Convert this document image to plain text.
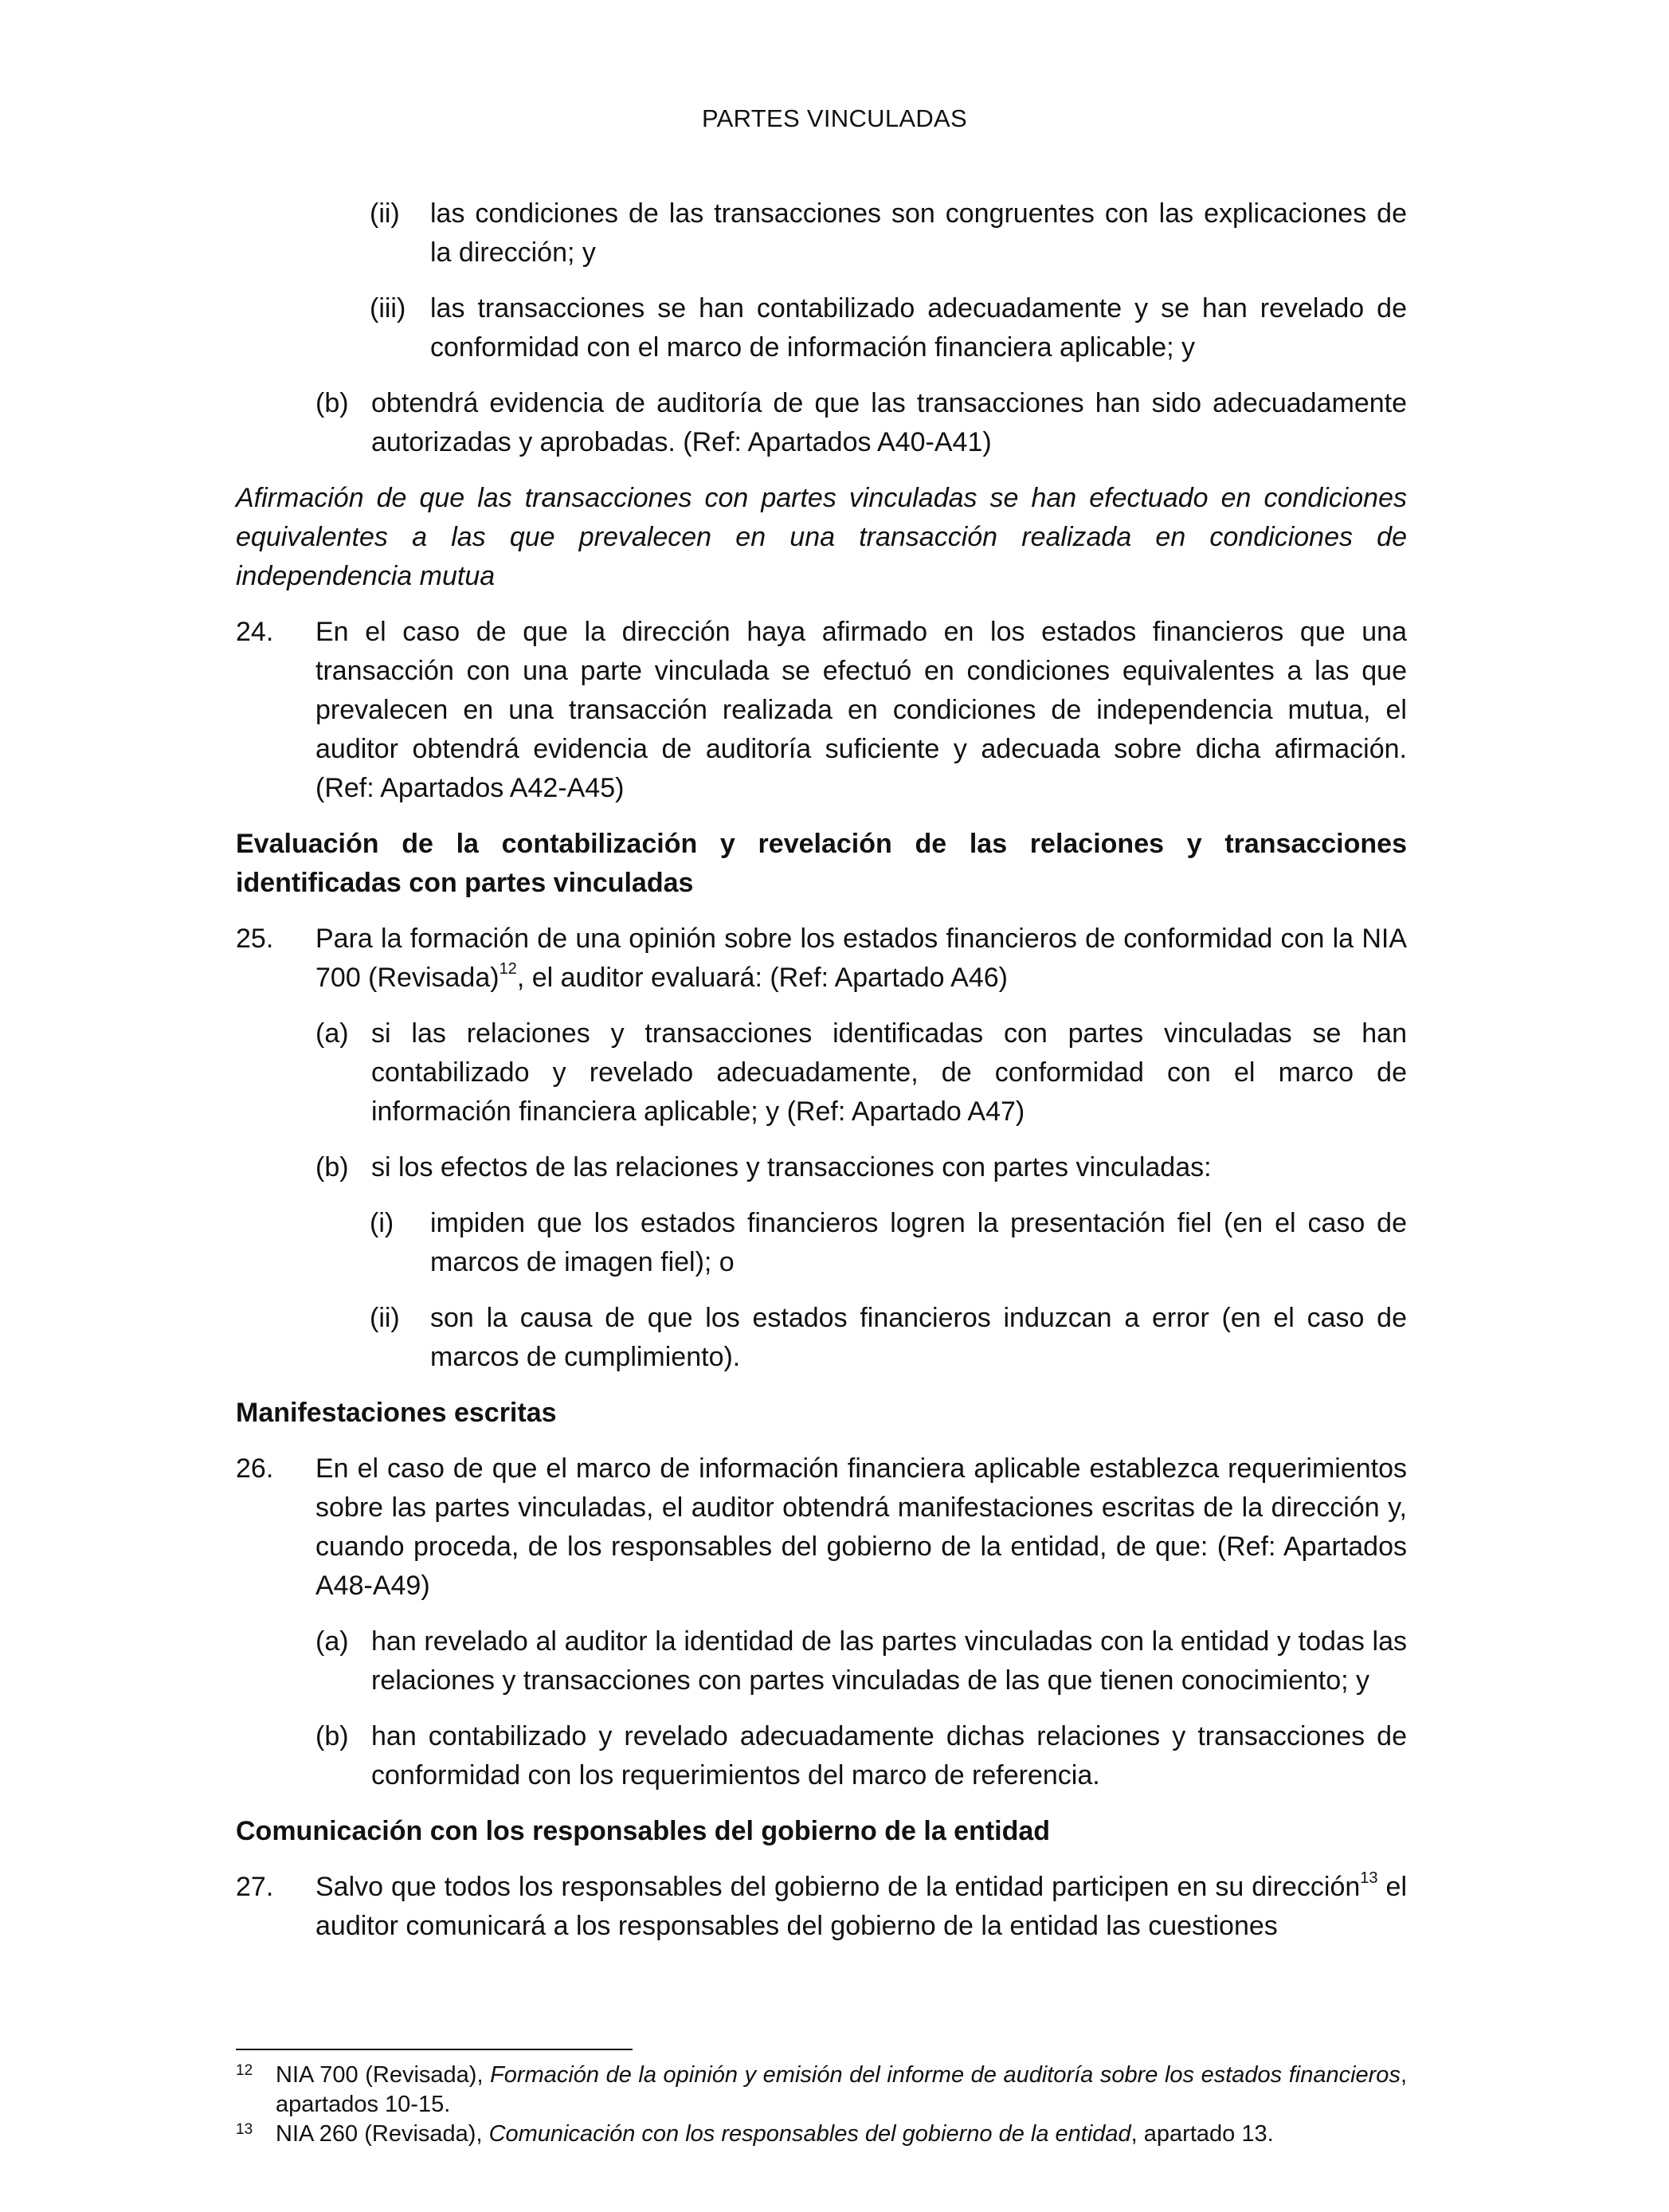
PARTES VINCULADAS
(ii) las condiciones de las transacciones son congruentes con las explicaciones de la dirección; y

(iii) las transacciones se han contabilizado adecuadamente y se han revelado de conformidad con el marco de información financiera aplicable; y

(b) obtendrá evidencia de auditoría de que las transacciones han sido adecuadamente autorizadas y aprobadas. (Ref: Apartados A40-A41)

Afirmación de que las transacciones con partes vinculadas se han efectuado en condiciones equivalentes a las que prevalecen en una transacción realizada en condiciones de independencia mutua

24. En el caso de que la dirección haya afirmado en los estados financieros que una transacción con una parte vinculada se efectuó en condiciones equivalentes a las que prevalecen en una transacción realizada en condiciones de independencia mutua, el auditor obtendrá evidencia de auditoría suficiente y adecuada sobre dicha afirmación. (Ref: Apartados A42-A45)

Evaluación de la contabilización y revelación de las relaciones y transacciones identificadas con partes vinculadas

25. Para la formación de una opinión sobre los estados financieros de conformidad con la NIA 700 (Revisada)$^{12}$, el auditor evaluará: (Ref: Apartado A46)

(a) si las relaciones y transacciones identificadas con partes vinculadas se han contabilizado y revelado adecuadamente, de conformidad con el marco de información financiera aplicable; y (Ref: Apartado A47)

(b) si los efectos de las relaciones y transacciones con partes vinculadas:

(i) impiden que los estados financieros logren la presentación fiel (en el caso de marcos de imagen fiel); o

(ii) son la causa de que los estados financieros induzcan a error (en el caso de marcos de cumplimiento).

Manifestaciones escritas

26. En el caso de que el marco de información financiera aplicable establezca requerimientos sobre las partes vinculadas, el auditor obtendrá manifestaciones escritas de la dirección y, cuando proceda, de los responsables del gobierno de la entidad, de que: (Ref: Apartados A48-A49)

(a) han revelado al auditor la identidad de las partes vinculadas con la entidad y todas las relaciones y transacciones con partes vinculadas de las que tienen conocimiento; y

(b) han contabilizado y revelado adecuadamente dichas relaciones y transacciones de conformidad con los requerimientos del marco de referencia.

Comunicación con los responsables del gobierno de la entidad

27. Salvo que todos los responsables del gobierno de la entidad participen en su dirección$^{13}$ el auditor comunicará a los responsables del gobierno de la entidad las cuestiones

12 NIA 700 (Revisada), Formación de la opinión y emisión del informe de auditoría sobre los estados financieros, apartados 10-15.
13 NIA 260 (Revisada), Comunicación con los responsables del gobierno de la entidad, apartado 13.
